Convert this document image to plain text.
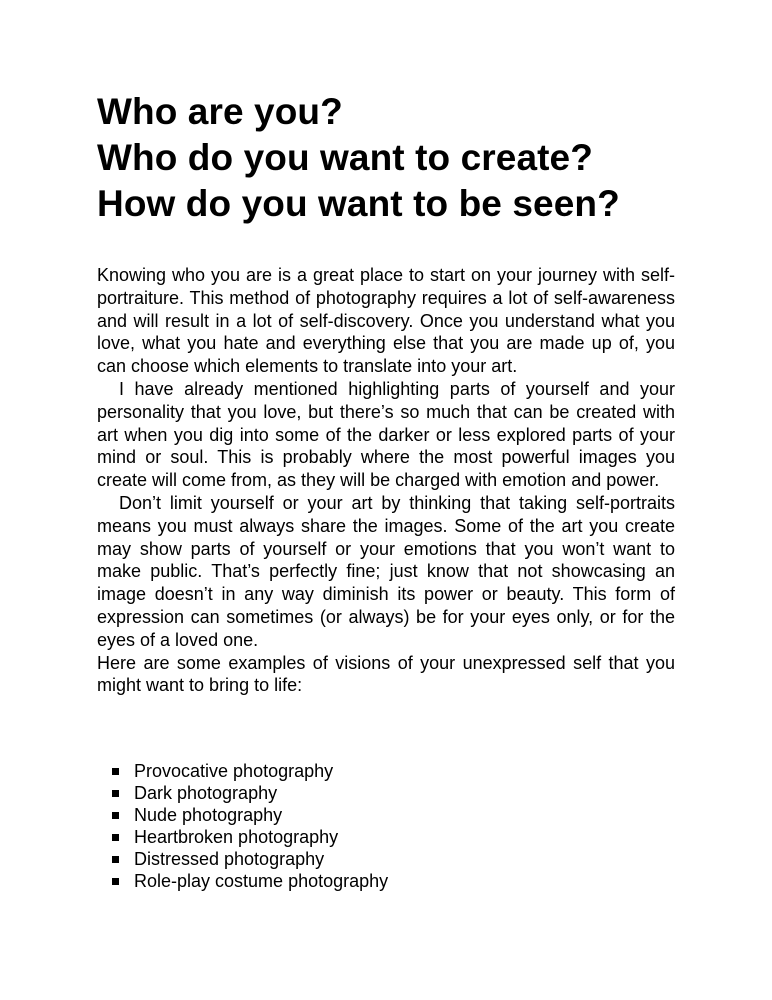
Who are you?
Who do you want to create?
How do you want to be seen?

Knowing who you are is a great place to start on your journey with self-portraiture. This method of photography requires a lot of self-awareness and will result in a lot of self-discovery. Once you understand what you love, what you hate and everything else that you are made up of, you can choose which elements to translate into your art.

I have already mentioned highlighting parts of yourself and your personality that you love, but there’s so much that can be created with art when you dig into some of the darker or less explored parts of your mind or soul. This is probably where the most powerful images you create will come from, as they will be charged with emotion and power.

Don’t limit yourself or your art by thinking that taking self-portraits means you must always share the images. Some of the art you create may show parts of yourself or your emotions that you won’t want to make public. That’s perfectly fine; just know that not showcasing an image doesn’t in any way diminish its power or beauty. This form of expression can sometimes (or always) be for your eyes only, or for the eyes of a loved one.

Here are some examples of visions of your unexpressed self that you might want to bring to life:

Provocative photography
Dark photography
Nude photography
Heartbroken photography
Distressed photography
Role-play costume photography
